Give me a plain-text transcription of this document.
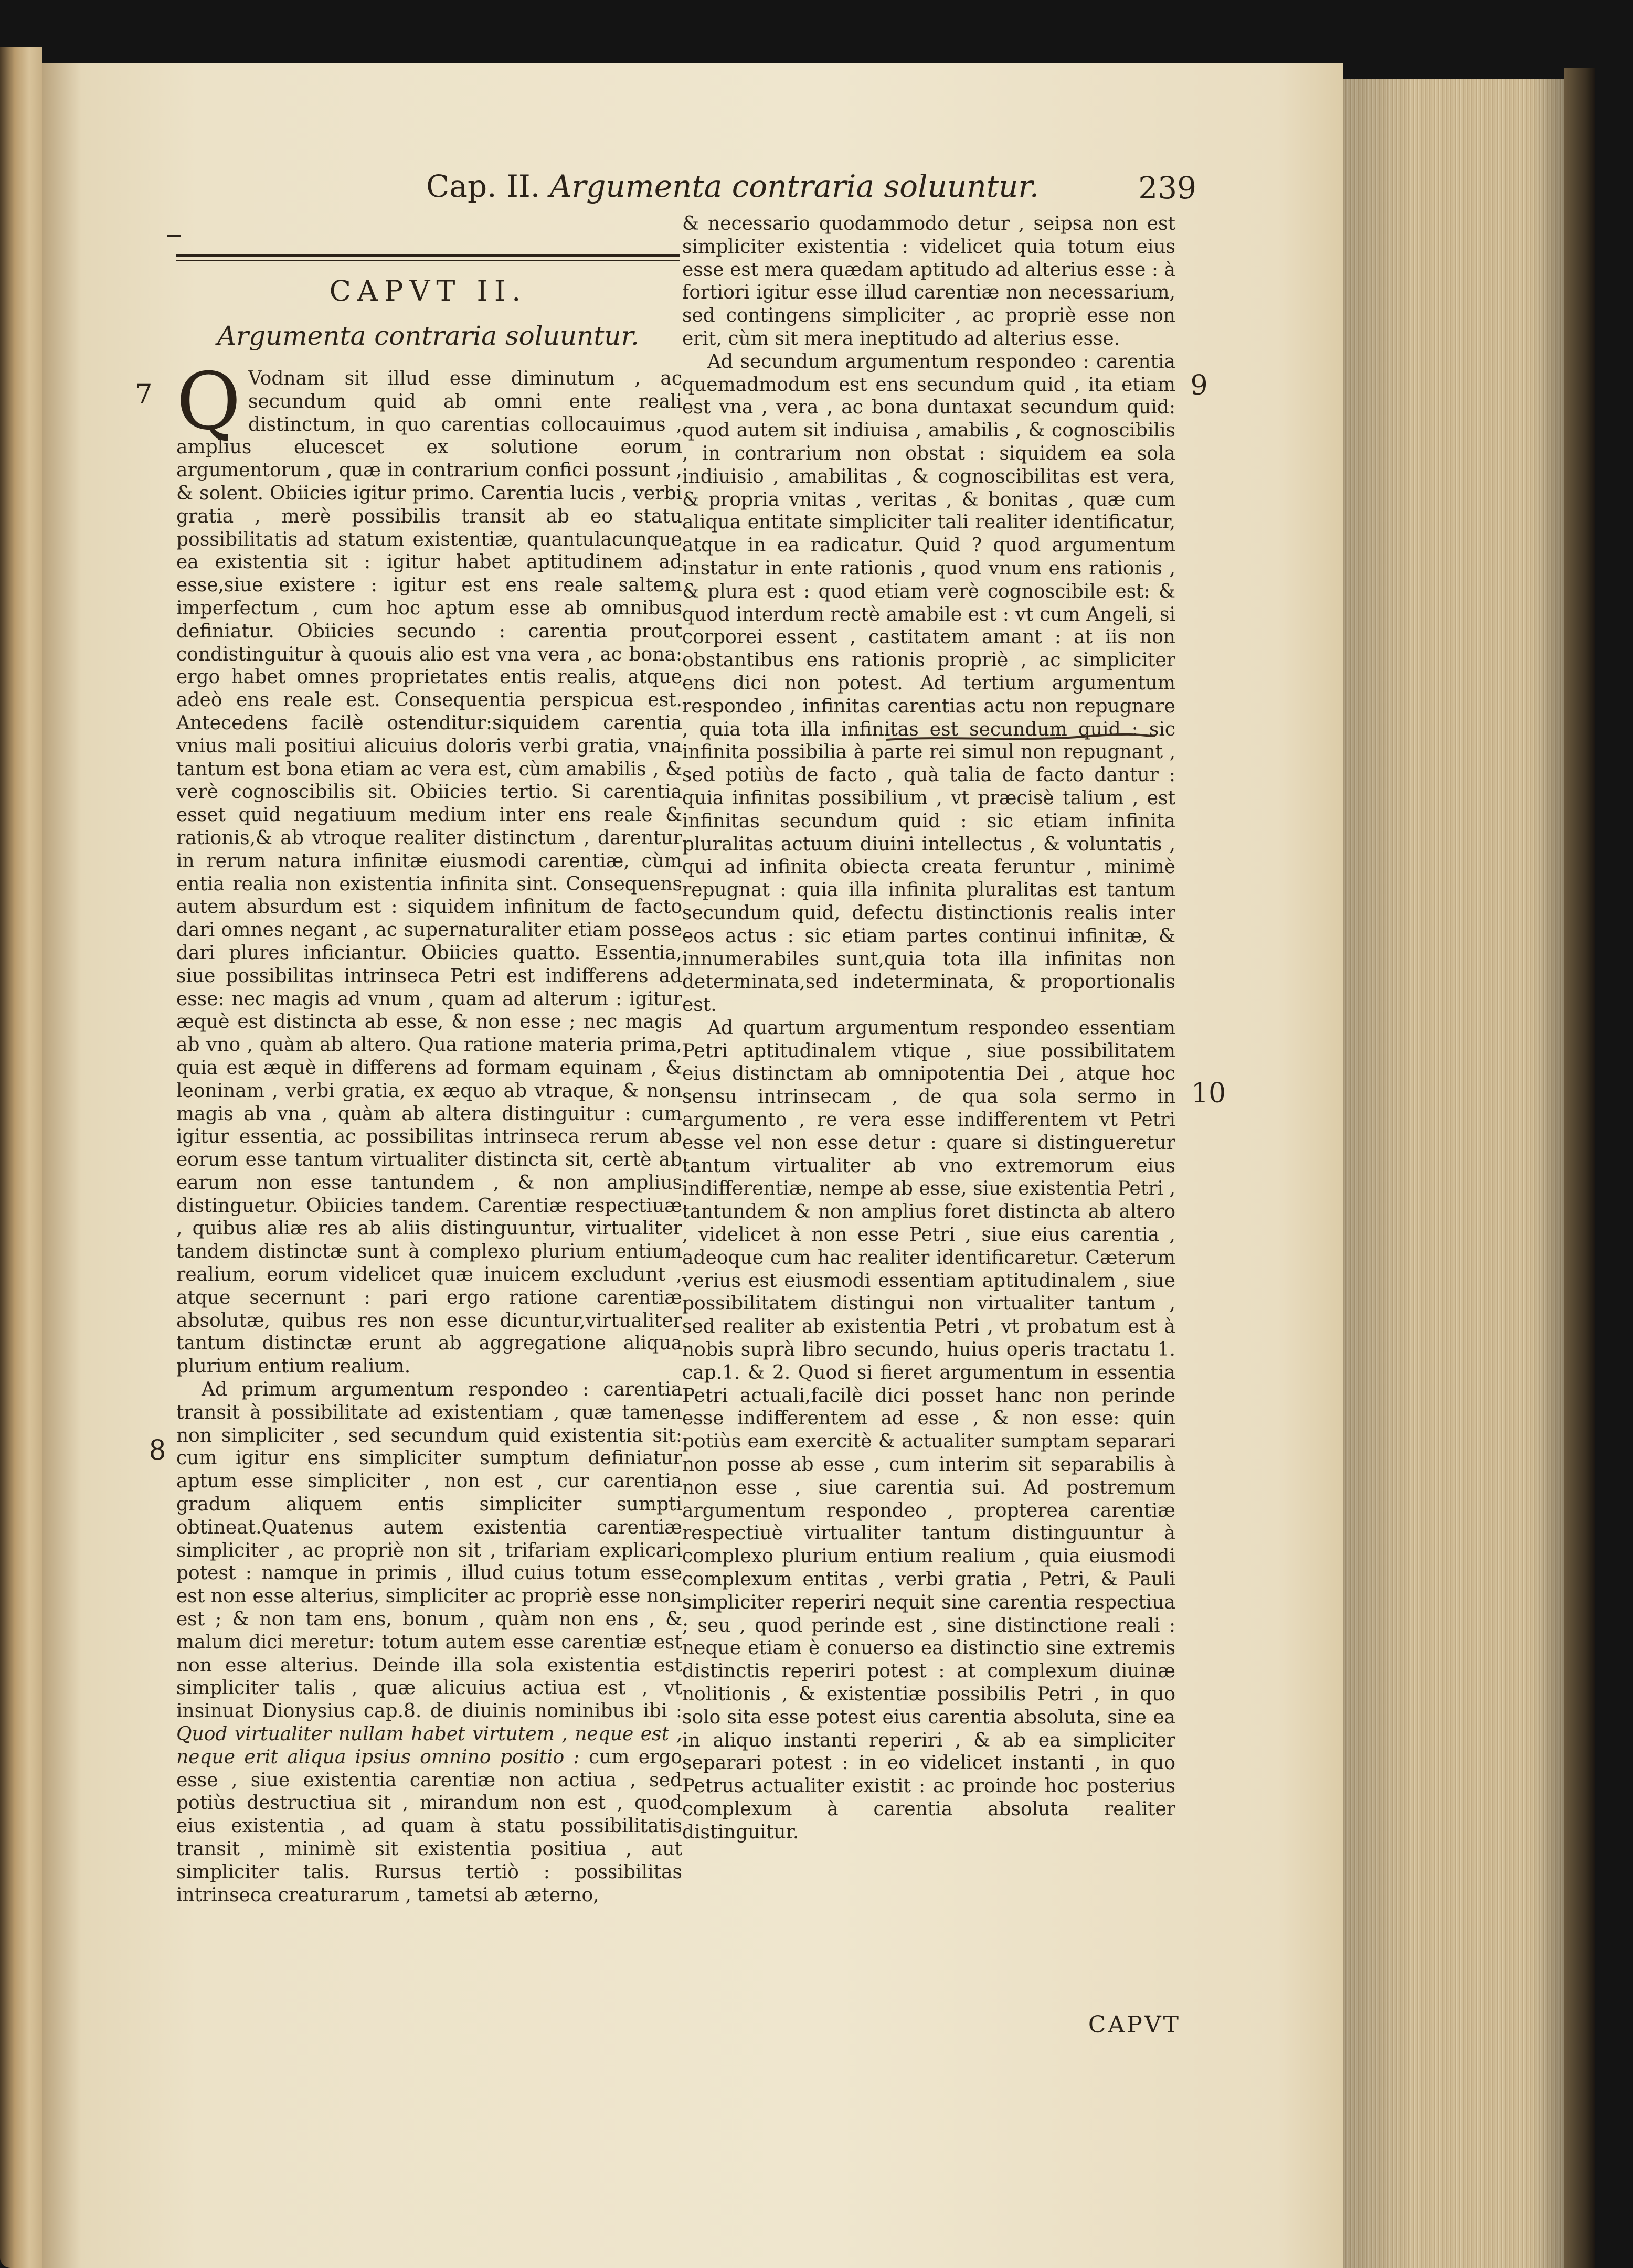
Cap. II. Argumenta contraria soluuntur.	239
CAPVT II.
Argumenta contraria soluuntur.
7
8
9
10

Q Vodnam sit illud esse diminutum , ac secundum quid ab omni ente reali distinctum, in quo carentias collocauimus , amplius elucescet ex solutione eorum argumentorum , quæ in contrarium confici possunt , & solent. Obiicies igitur primo. Carentia lucis , verbi gratia , merè possibilis transit ab eo statu possibilitatis ad statum existentiæ, quantulacunque ea existentia sit : igitur habet aptitudinem ad esse,siue existere : igitur est ens reale saltem imperfectum , cum hoc aptum esse ab omnibus definiatur. Obiicies secundo : carentia prout condistinguitur à quouis alio est vna vera , ac bona: ergo habet omnes proprietates entis realis, atque adeò ens reale est. Consequentia perspicua est. Antecedens facilè ostenditur:siquidem carentia vnius mali positiui alicuius doloris verbi gratia, vna tantum est bona etiam ac vera est, cùm amabilis , & verè cognoscibilis sit. Obiicies tertio. Si carentia esset quid negatiuum medium inter ens reale & rationis,& ab vtroque realiter distinctum , darentur in rerum natura infinitæ eiusmodi carentiæ, cùm entia realia non existentia infinita sint. Consequens autem absurdum est : siquidem infinitum de facto dari omnes negant , ac supernaturaliter etiam posse dari plures inficiantur. Obiicies quatto. Essentia, siue possibilitas intrinseca Petri est indifferens ad esse: nec magis ad vnum , quam ad alterum : igitur æquè est distincta ab esse, & non esse ; nec magis ab vno , quàm ab altero. Qua ratione materia prima, quia est æquè in differens ad formam equinam , & leoninam , verbi gratia, ex æquo ab vtraque, & non magis ab vna , quàm ab altera distinguitur : cum igitur essentia, ac possibilitas intrinseca rerum ab eorum esse tantum virtualiter distincta sit, certè ab earum non esse tantundem , & non amplius distinguetur. Obiicies tandem. Carentiæ respectiuæ , quibus aliæ res ab aliis distinguuntur, virtualiter tandem distinctæ sunt à complexo plurium entium realium, eorum videlicet quæ inuicem excludunt , atque secernunt : pari ergo ratione carentiæ absolutæ, quibus res non esse dicuntur,virtualiter tantum distinctæ erunt ab aggregatione aliqua plurium entium realium.

Ad primum argumentum respondeo : carentia transit à possibilitate ad existentiam , quæ tamen non simpliciter , sed secundum quid existentia sit: cum igitur ens simpliciter sumptum definiatur aptum esse simpliciter , non est , cur carentia gradum aliquem entis simpliciter sumpti obtineat.Quatenus autem existentia carentiæ simpliciter , ac propriè non sit , trifariam explicari potest : namque in primis , illud cuius totum esse est non esse alterius, simpliciter ac propriè esse non est ; & non tam ens, bonum , quàm non ens , & malum dici meretur: totum autem esse carentiæ est non esse alterius. Deinde illa sola existentia est simpliciter talis , quæ alicuius actiua est , vt insinuat Dionysius cap.8. de diuinis nominibus ibi : Quod virtualiter nullam habet virtutem , neque est , neque erit aliqua ipsius omnino positio : cum ergo esse , siue existentia carentiæ non actiua , sed potiùs destructiua sit , mirandum non est , quod eius existentia , ad quam à statu possibilitatis transit , minimè sit existentia positiua , aut simpliciter talis. Rursus tertiò : possibilitas intrinseca creaturarum , tametsi ab æterno,

& necessario quodammodo detur , seipsa non est simpliciter existentia : videlicet quia totum eius esse est mera quædam aptitudo ad alterius esse : à fortiori igitur esse illud carentiæ non necessarium, sed contingens simpliciter , ac propriè esse non erit, cùm sit mera ineptitudo ad alterius esse.

Ad secundum argumentum respondeo : carentia quemadmodum est ens secundum quid , ita etiam est vna , vera , ac bona duntaxat secundum quid: quod autem sit indiuisa , amabilis , & cognoscibilis , in contrarium non obstat : siquidem ea sola indiuisio , amabilitas , & cognoscibilitas est vera, & propria vnitas , veritas , & bonitas , quæ cum aliqua entitate simpliciter tali realiter identificatur, atque in ea radicatur. Quid ? quod argumentum instatur in ente rationis , quod vnum ens rationis , & plura est : quod etiam verè cognoscibile est: & quod interdum rectè amabile est : vt cum Angeli, si corporei essent , castitatem amant : at iis non obstantibus ens rationis propriè , ac simpliciter ens dici non potest. Ad tertium argumentum respondeo , infinitas carentias actu non repugnare , quia tota illa infinitas est secundum quid : sic infinita possibilia à parte rei simul non repugnant , sed potiùs de facto , quà talia de facto dantur : quia infinitas possibilium , vt præcisè talium , est infinitas secundum quid : sic etiam infinita pluralitas actuum diuini intellectus , & voluntatis , qui ad infinita obiecta creata feruntur , minimè repugnat : quia illa infinita pluralitas est tantum secundum quid, defectu distinctionis realis inter eos actus : sic etiam partes continui infinitæ, & innumerabiles sunt,quia tota illa infinitas non determinata,sed indeterminata, & proportionalis est.

Ad quartum argumentum respondeo essentiam Petri aptitudinalem vtique , siue possibilitatem eius distinctam ab omnipotentia Dei , atque hoc sensu intrinsecam , de qua sola sermo in argumento , re vera esse indifferentem vt Petri esse vel non esse detur : quare si distingueretur tantum virtualiter ab vno extremorum eius indifferentiæ, nempe ab esse, siue existentia Petri , tantundem & non amplius foret distincta ab altero , videlicet à non esse Petri , siue eius carentia , adeoque cum hac realiter identificaretur. Cæterum verius est eiusmodi essentiam aptitudinalem , siue possibilitatem distingui non virtualiter tantum , sed realiter ab existentia Petri , vt probatum est à nobis suprà libro secundo, huius operis tractatu 1. cap.1. & 2. Quod si fieret argumentum in essentia Petri actuali,facilè dici posset hanc non perinde esse indifferentem ad esse , & non esse: quin potiùs eam exercitè & actualiter sumptam separari non posse ab esse , cum interim sit separabilis à non esse , siue carentia sui. Ad postremum argumentum respondeo , propterea carentiæ respectiuè virtualiter tantum distinguuntur à complexo plurium entium realium , quia eiusmodi complexum entitas , verbi gratia , Petri, & Pauli simpliciter reperiri nequit sine carentia respectiua ; seu , quod perinde est , sine distinctione reali : neque etiam è conuerso ea distinctio sine extremis distinctis reperiri potest : at complexum diuinæ nolitionis , & existentiæ possibilis Petri , in quo solo sita esse potest eius carentia absoluta, sine ea in aliquo instanti reperiri , & ab ea simpliciter separari potest : in eo videlicet instanti , in quo Petrus actualiter existit : ac proinde hoc posterius complexum à carentia absoluta realiter distinguitur.

CAPVT
